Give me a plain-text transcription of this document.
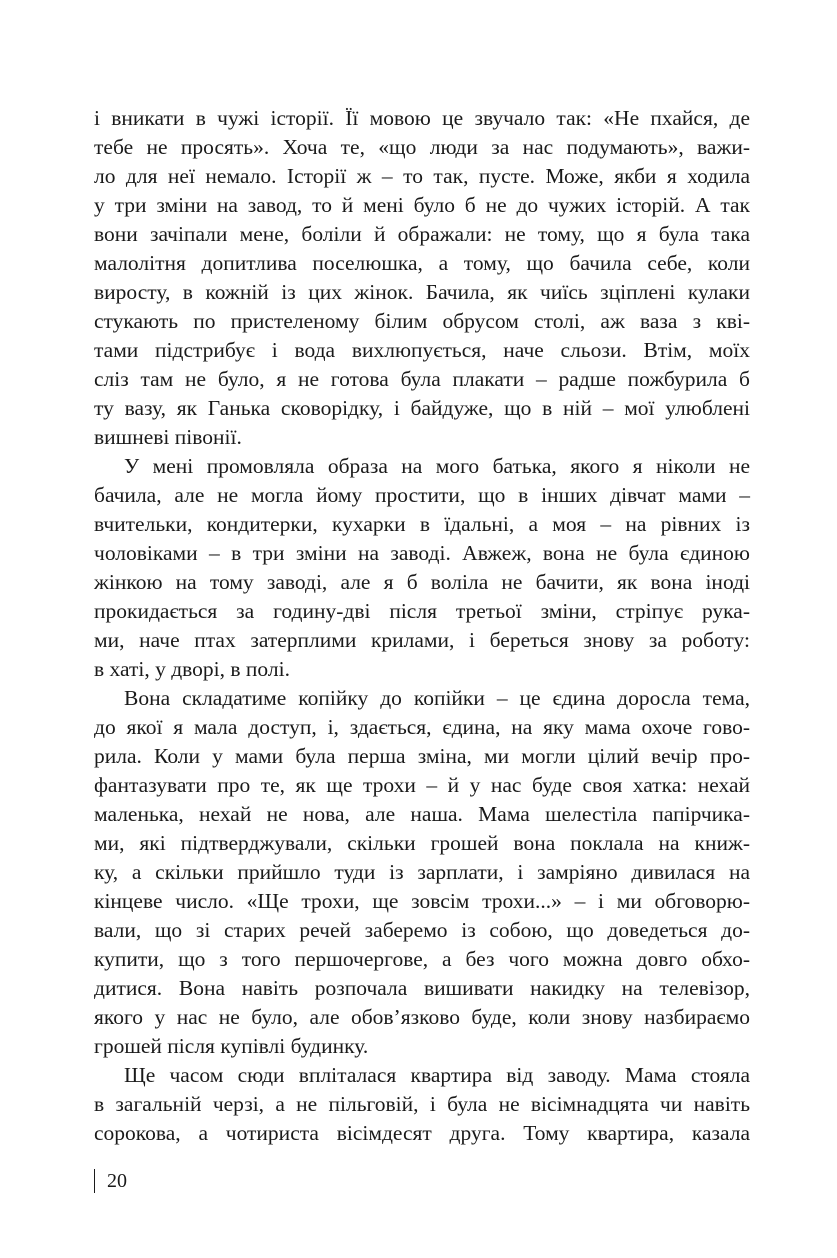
і вникати в чужі історії. Її мовою це звучало так: «Не пхайся, де
тебе не просять». Хоча те, «що люди за нас подумають», важи-
ло для неї немало. Історії ж – то так, пусте. Може, якби я ходила
у три зміни на завод, то й мені було б не до чужих історій. А так
вони зачіпали мене, боліли й ображали: не тому, що я була така
малолітня допитлива поселюшка, а тому, що бачила себе, коли
виросту, в кожній із цих жінок. Бачила, як чиїсь зціплені кулаки
стукають по пристеленому білим обрусом столі, аж ваза з кві-
тами підстрибує і вода вихлюпується, наче сльози. Втім, моїх
сліз там не було, я не готова була плакати – радше пожбурила б
ту вазу, як Ганька сковорідку, і байдуже, що в ній – мої улюблені
вишневі півонії.
У мені промовляла образа на мого батька, якого я ніколи не
бачила, але не могла йому простити, що в інших дівчат мами –
вчительки, кондитерки, кухарки в їдальні, а моя – на рівних із
чоловіками – в три зміни на заводі. Авжеж, вона не була єдиною
жінкою на тому заводі, але я б воліла не бачити, як вона іноді
прокидається за годину-дві після третьої зміни, стріпує рука-
ми, наче птах затерплими крилами, і береться знову за роботу:
в хаті, у дворі, в полі.
Вона складатиме копійку до копійки – це єдина доросла тема,
до якої я мала доступ, і, здається, єдина, на яку мама охоче гово-
рила. Коли у мами була перша зміна, ми могли цілий вечір про-
фантазувати про те, як ще трохи – й у нас буде своя хатка: нехай
маленька, нехай не нова, але наша. Мама шелестіла папірчика-
ми, які підтверджували, скільки грошей вона поклала на книж-
ку, а скільки прийшло туди із зарплати, і замріяно дивилася на
кінцеве число. «Ще трохи, ще зовсім трохи...» – і ми обговорю-
вали, що зі старих речей заберемо із собою, що доведеться до-
купити, що з того першочергове, а без чого можна довго обхо-
дитися. Вона навіть розпочала вишивати накидку на телевізор,
якого у нас не було, але обов’язково буде, коли знову назбираємо
грошей після купівлі будинку.
Ще часом сюди впліталася квартира від заводу. Мама стояла
в загальній черзі, а не пільговій, і була не вісімнадцята чи навіть
сорокова, а чотириста вісімдесят друга. Тому квартира, казала
20
